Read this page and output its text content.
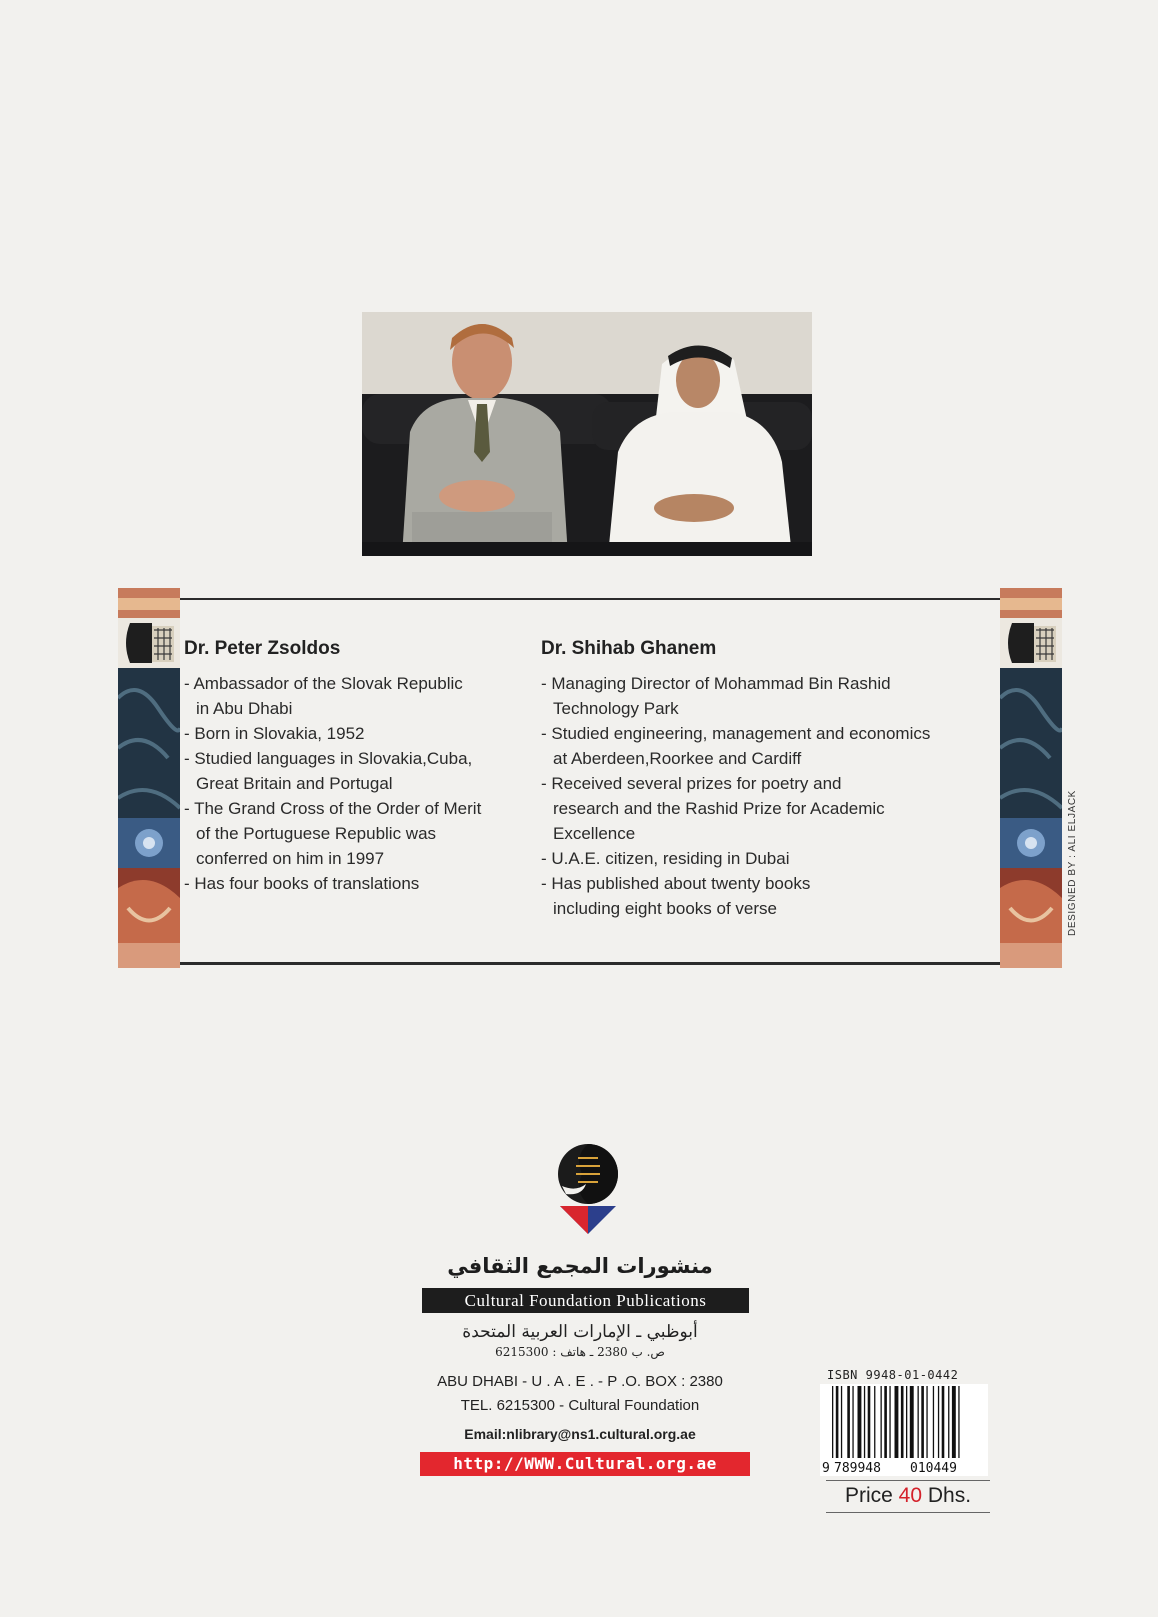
Dr. Peter Zsoldos
- Ambassador of the Slovak Republic
in Abu Dhabi
- Born in Slovakia, 1952
- Studied languages in Slovakia,Cuba,
Great Britain and Portugal
- The Grand Cross of the Order of Merit
of the Portuguese Republic was
conferred on him in 1997
- Has four books of translations
Dr. Shihab Ghanem
- Managing Director of Mohammad Bin Rashid
Technology Park
- Studied engineering, management and economics
at Aberdeen,Roorkee and Cardiff
- Received several prizes for poetry and
research and the Rashid Prize for Academic
Excellence
- U.A.E. citizen, residing in Dubai
- Has published about twenty books
including eight books of verse	DESIGNED BY : ALI ELJACK
منشورات المجمع الثقافي
Cultural Foundation Publications
أبوظبي ـ الإمارات العربية المتحدة
ص. ب 2380 ـ هاتف : 6215300
ABU DHABI - U . A . E . - P .O. BOX : 2380
TEL. 6215300 - Cultural Foundation
Email:nlibrary@ns1.cultural.org.ae
http://WWW.Cultural.org.ae
ISBN 9948-01-0442
9 789948 010449
Price 40 Dhs.
